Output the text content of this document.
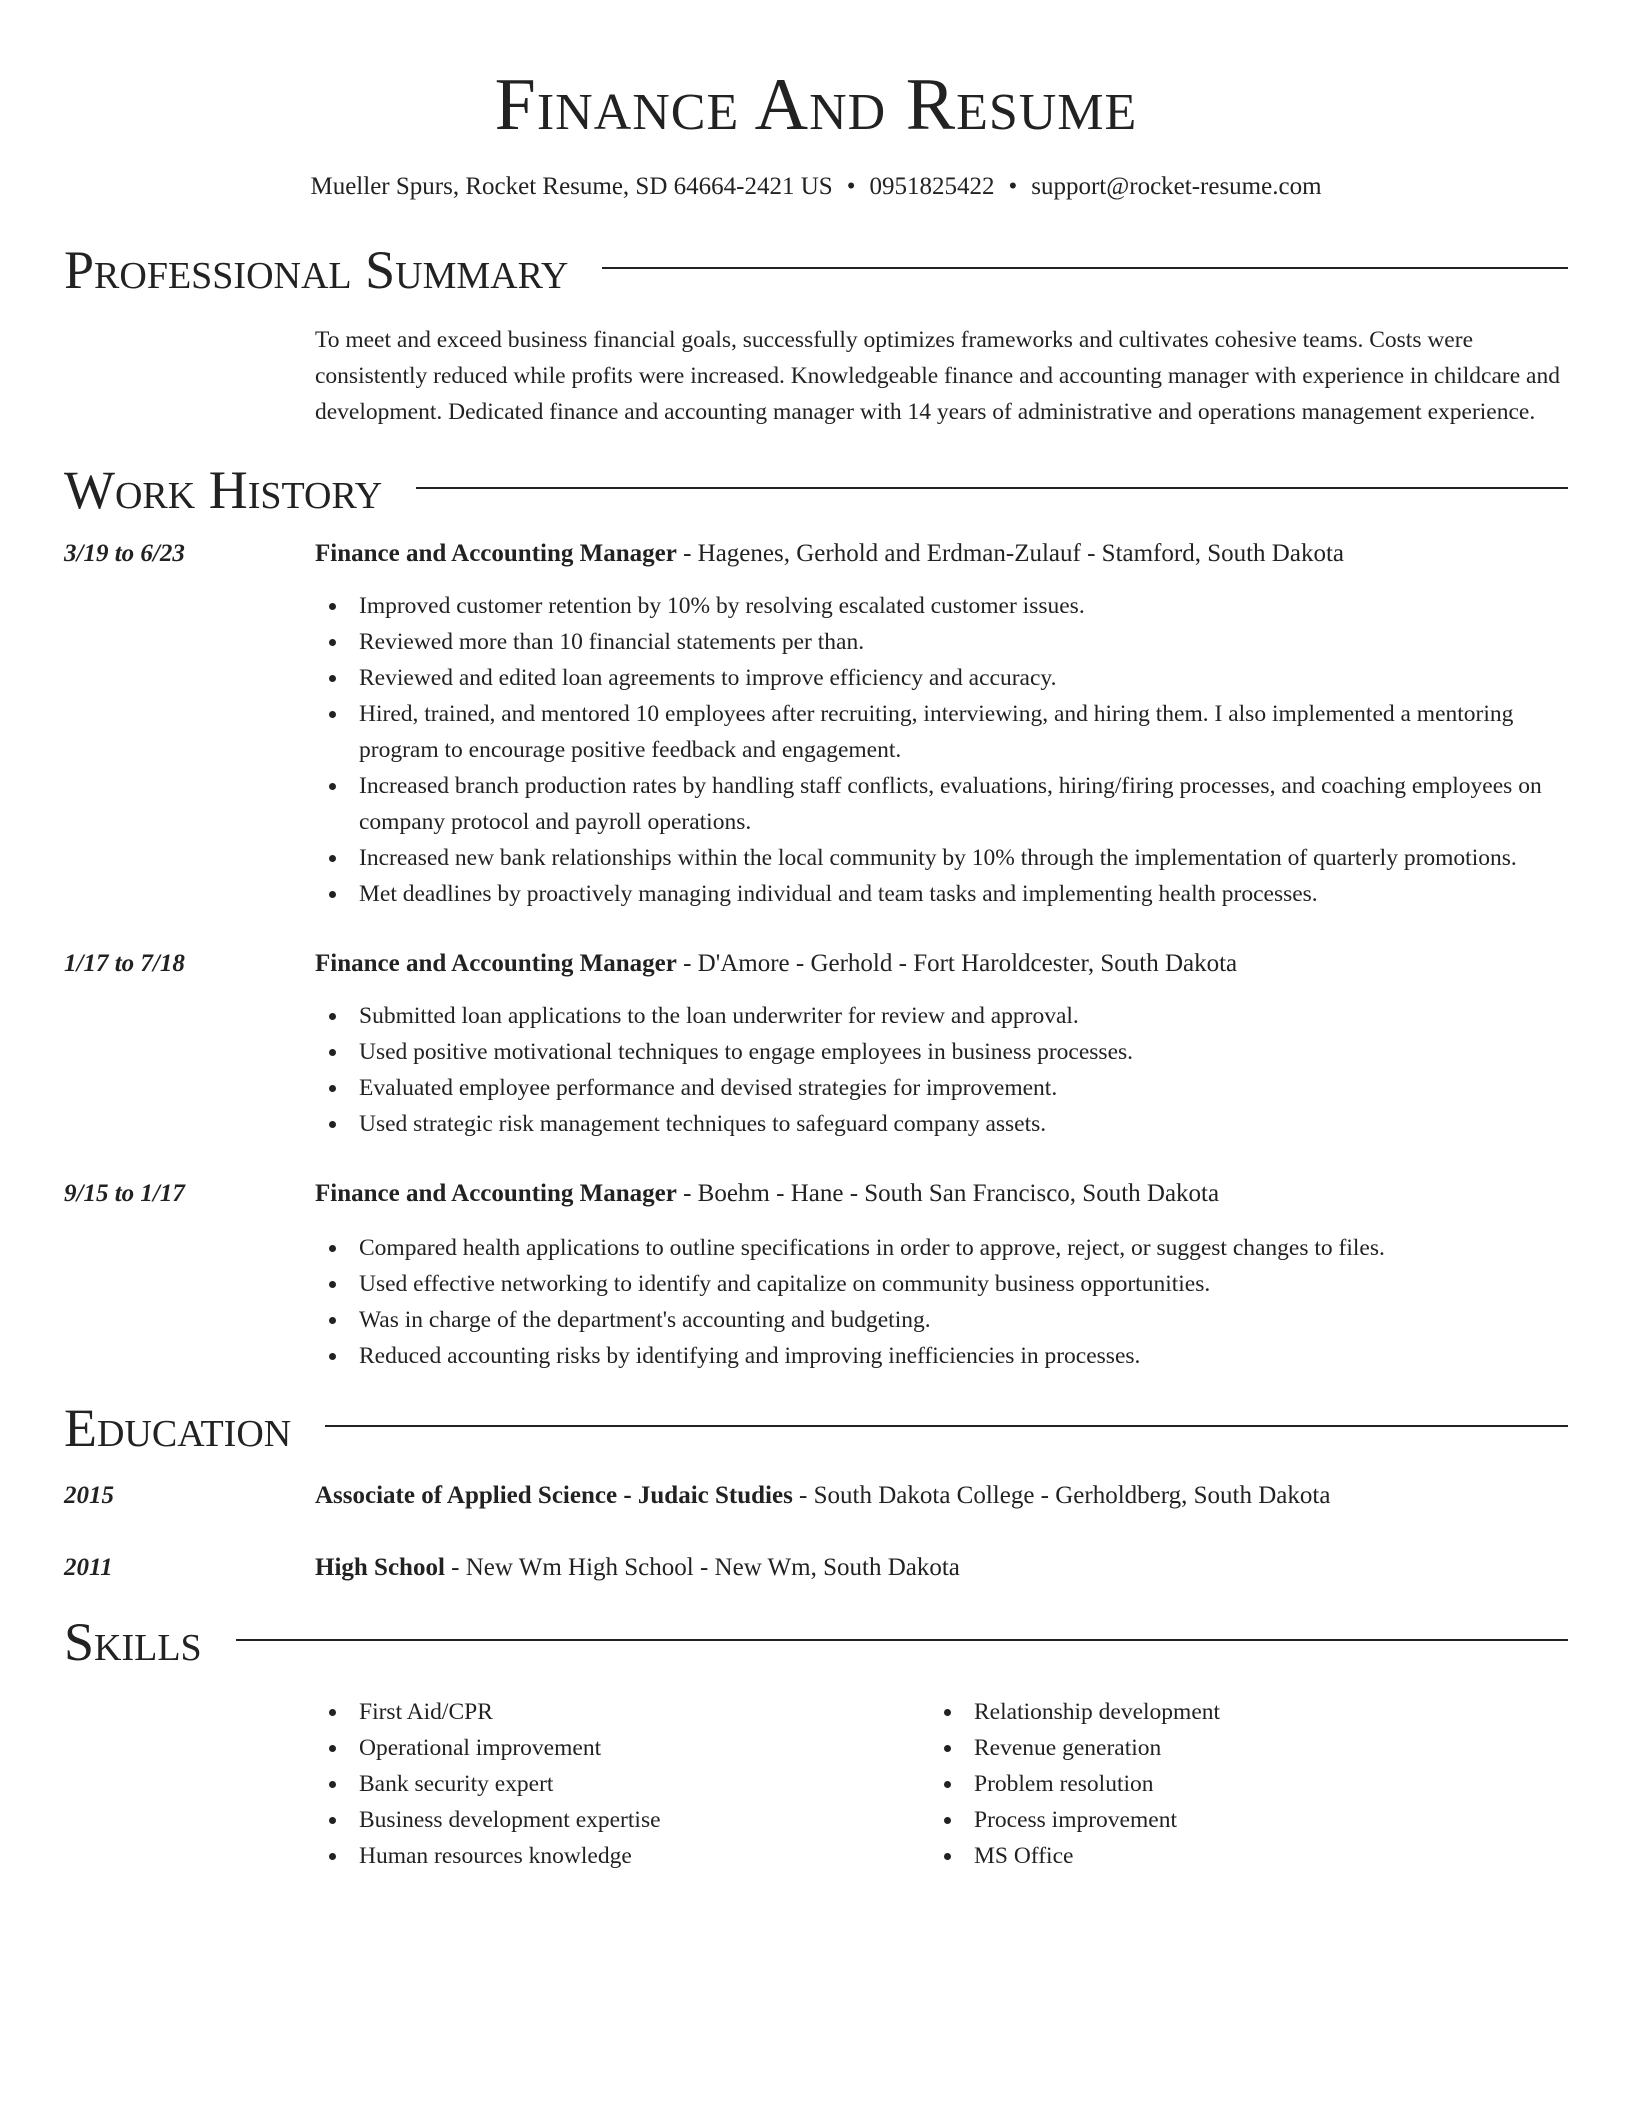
Finance And Resume
Mueller Spurs, Rocket Resume, SD 64664-2421 US • 0951825422 • support@rocket-resume.com
Professional Summary
To meet and exceed business financial goals, successfully optimizes frameworks and cultivates cohesive teams. Costs were consistently reduced while profits were increased. Knowledgeable finance and accounting manager with experience in childcare and development. Dedicated finance and accounting manager with 14 years of administrative and operations management experience.
Work History
3/19 to 6/23	Finance and Accounting Manager - Hagenes, Gerhold and Erdman-Zulauf - Stamford, South Dakota
Improved customer retention by 10% by resolving escalated customer issues.
Reviewed more than 10 financial statements per than.
Reviewed and edited loan agreements to improve efficiency and accuracy.
Hired, trained, and mentored 10 employees after recruiting, interviewing, and hiring them. I also implemented a mentoring program to encourage positive feedback and engagement.
Increased branch production rates by handling staff conflicts, evaluations, hiring/firing processes, and coaching employees on company protocol and payroll operations.
Increased new bank relationships within the local community by 10% through the implementation of quarterly promotions.
Met deadlines by proactively managing individual and team tasks and implementing health processes.
1/17 to 7/18	Finance and Accounting Manager - D'Amore - Gerhold - Fort Haroldcester, South Dakota
Submitted loan applications to the loan underwriter for review and approval.
Used positive motivational techniques to engage employees in business processes.
Evaluated employee performance and devised strategies for improvement.
Used strategic risk management techniques to safeguard company assets.
9/15 to 1/17	Finance and Accounting Manager - Boehm - Hane - South San Francisco, South Dakota
Compared health applications to outline specifications in order to approve, reject, or suggest changes to files.
Used effective networking to identify and capitalize on community business opportunities.
Was in charge of the department's accounting and budgeting.
Reduced accounting risks by identifying and improving inefficiencies in processes.
Education
2015	Associate of Applied Science - Judaic Studies - South Dakota College - Gerholdberg, South Dakota
2011	High School - New Wm High School - New Wm, South Dakota
Skills
First Aid/CPR
Operational improvement
Bank security expert
Business development expertise
Human resources knowledge
Relationship development
Revenue generation
Problem resolution
Process improvement
MS Office
